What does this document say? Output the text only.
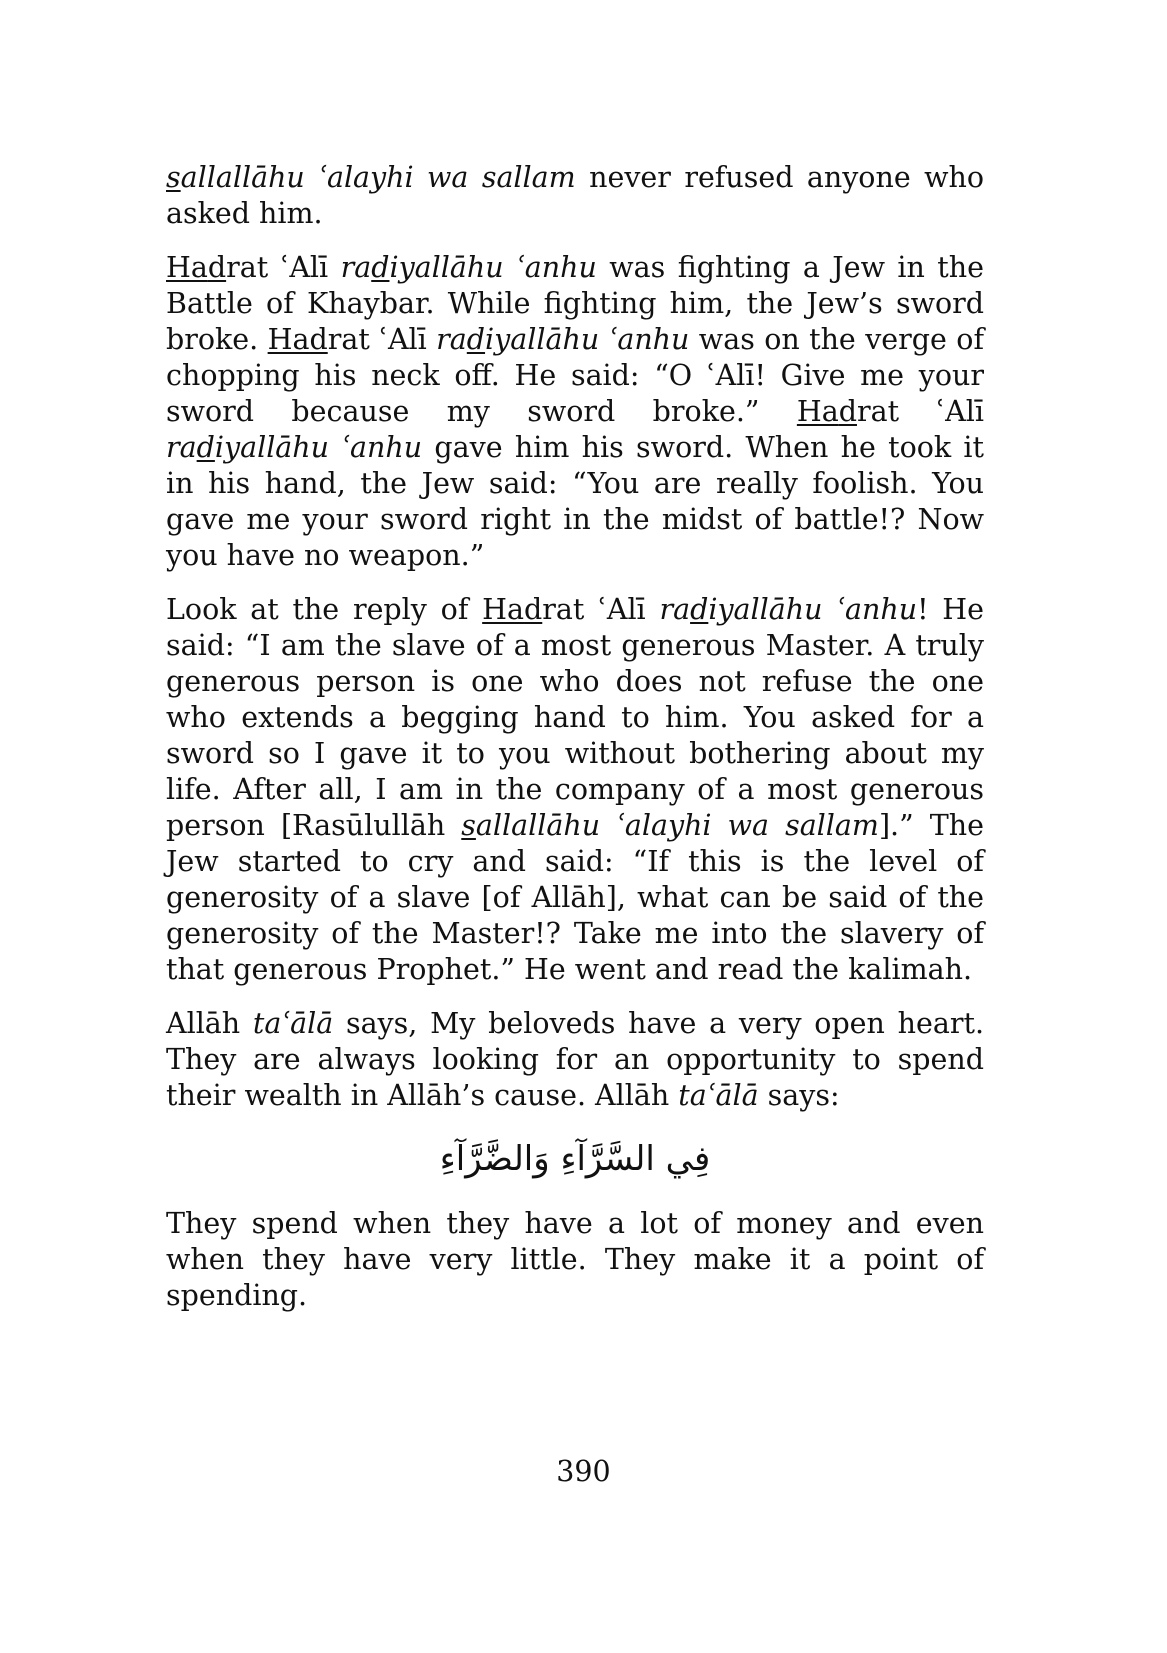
sallallāhu ʿalayhi wa sallam never refused anyone who asked him.

Hadrat ʿAlī radiyallāhu ʿanhu was fighting a Jew in the Battle of Khaybar. While fighting him, the Jew’s sword broke. Hadrat ʿAlī radiyallāhu ʿanhu was on the verge of chopping his neck off. He said: “O ʿAlī! Give me your sword because my sword broke.” Hadrat ʿAlī radiyallāhu ʿanhu gave him his sword. When he took it in his hand, the Jew said: “You are really foolish. You gave me your sword right in the midst of battle!? Now you have no weapon.”

Look at the reply of Hadrat ʿAlī radiyallāhu ʿanhu! He said: “I am the slave of a most generous Master. A truly generous person is one who does not refuse the one who extends a begging hand to him. You asked for a sword so I gave it to you without bothering about my life. After all, I am in the company of a most generous person [Rasūlullāh sallallāhu ʿalayhi wa sallam].” The Jew started to cry and said: “If this is the level of generosity of a slave [of Allāh], what can be said of the generosity of the Master!? Take me into the slavery of that generous Prophet.” He went and read the kalimah.

Allāh taʿālā says, My beloveds have a very open heart. They are always looking for an opportunity to spend their wealth in Allāh’s cause. Allāh taʿālā says:

فِي السَّرَّآءِ وَالضَّرَّآءِ

They spend when they have a lot of money and even when they have very little. They make it a point of spending.

390
